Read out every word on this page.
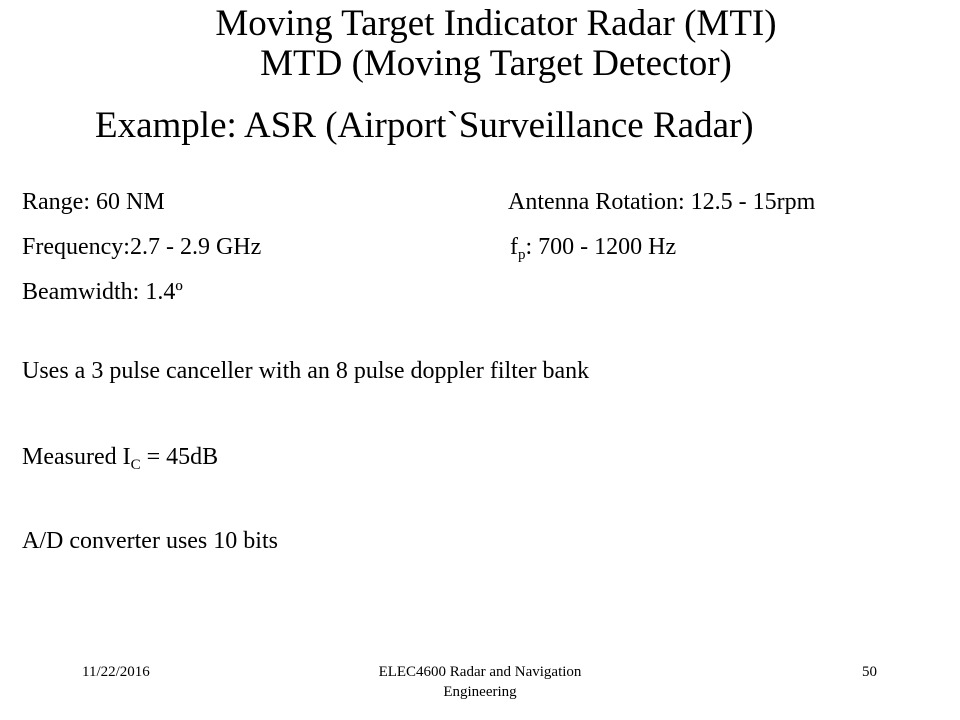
Moving Target Indicator Radar (MTI)
MTD (Moving Target Detector)
Example: ASR (Airport`Surveillance Radar)
Range: 60 NM	Antenna Rotation: 12.5 - 15rpm
Frequency:2.7 - 2.9 GHz	$f_p$: 700 - 1200 Hz
Beamwidth: 1.4º
Uses a 3 pulse canceller with an 8 pulse doppler filter bank
Measured $I_C = 45dB$
A/D converter uses 10 bits
11/22/2016	ELEC4600 Radar and Navigation
Engineering
50
